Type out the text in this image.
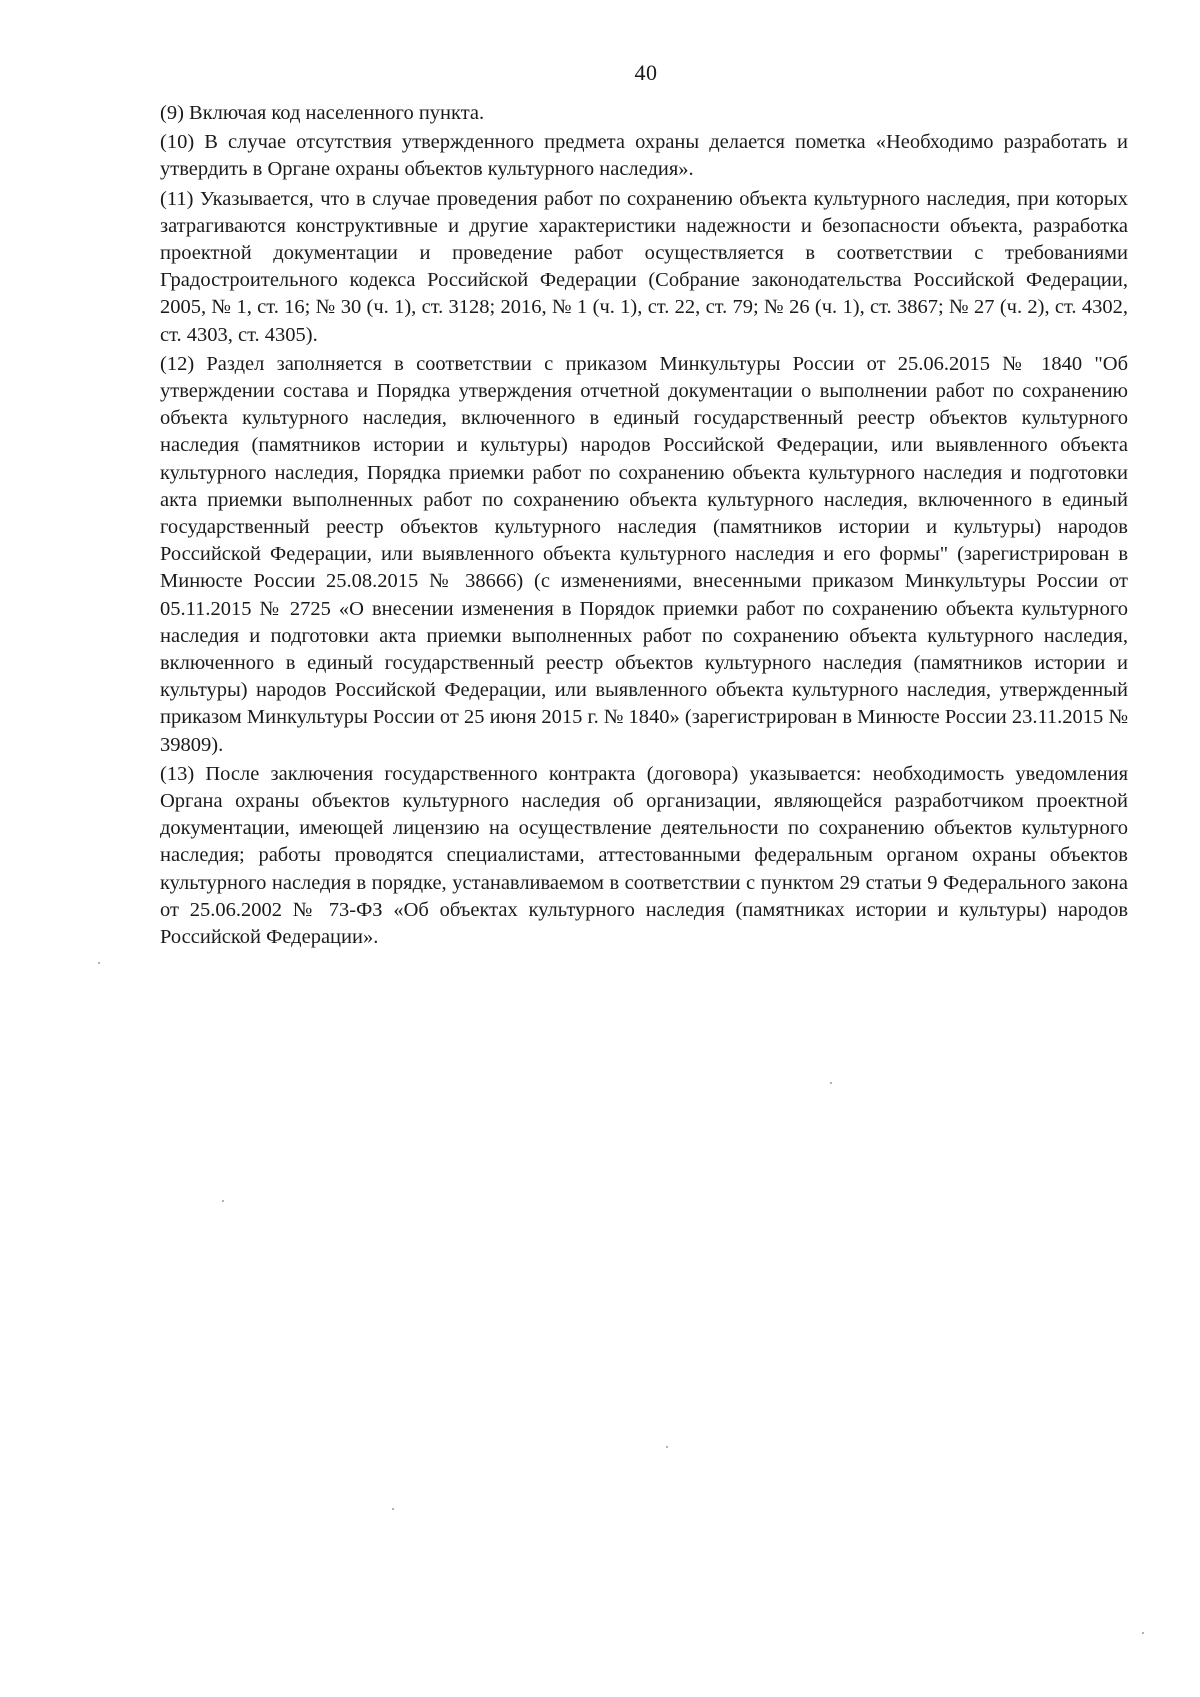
40

(9) Включая код населенного пункта.

(10) В случае отсутствия утвержденного предмета охраны делается пометка «Необходимо разработать и утвердить в Органе охраны объектов культурного наследия».

(11) Указывается, что в случае проведения работ по сохранению объекта культурного наследия, при которых затрагиваются конструктивные и другие характеристики надежности и безопасности объекта, разработка проектной документации и проведение работ осуществляется в соответствии с требованиями Градостроительного кодекса Российской Федерации (Собрание законодательства Российской Федерации, 2005, № 1, ст. 16; № 30 (ч. 1), ст. 3128; 2016, № 1 (ч. 1), ст. 22, ст. 79; № 26 (ч. 1), ст. 3867; № 27 (ч. 2), ст. 4302, ст. 4303, ст. 4305).

(12) Раздел заполняется в соответствии с приказом Минкультуры России от 25.06.2015 № 1840 "Об утверждении состава и Порядка утверждения отчетной документации о выполнении работ по сохранению объекта культурного наследия, включенного в единый государственный реестр объектов культурного наследия (памятников истории и культуры) народов Российской Федерации, или выявленного объекта культурного наследия, Порядка приемки работ по сохранению объекта культурного наследия и подготовки акта приемки выполненных работ по сохранению объекта культурного наследия, включенного в единый государственный реестр объектов культурного наследия (памятников истории и культуры) народов Российской Федерации, или выявленного объекта культурного наследия и его формы" (зарегистрирован в Минюсте России 25.08.2015 № 38666) (с изменениями, внесенными приказом Минкультуры России от 05.11.2015 № 2725 «О внесении изменения в Порядок приемки работ по сохранению объекта культурного наследия и подготовки акта приемки выполненных работ по сохранению объекта культурного наследия, включенного в единый государственный реестр объектов культурного наследия (памятников истории и культуры) народов Российской Федерации, или выявленного объекта культурного наследия, утвержденный приказом Минкультуры России от 25 июня 2015 г. № 1840» (зарегистрирован в Минюсте России 23.11.2015 № 39809).

(13) После заключения государственного контракта (договора) указывается: необходимость уведомления Органа охраны объектов культурного наследия об организации, являющейся разработчиком проектной документации, имеющей лицензию на осуществление деятельности по сохранению объектов культурного наследия; работы проводятся специалистами, аттестованными федеральным органом охраны объектов культурного наследия в порядке, устанавливаемом в соответствии с пунктом 29 статьи 9 Федерального закона от 25.06.2002 № 73-ФЗ «Об объектах культурного наследия (памятниках истории и культуры) народов Российской Федерации».
